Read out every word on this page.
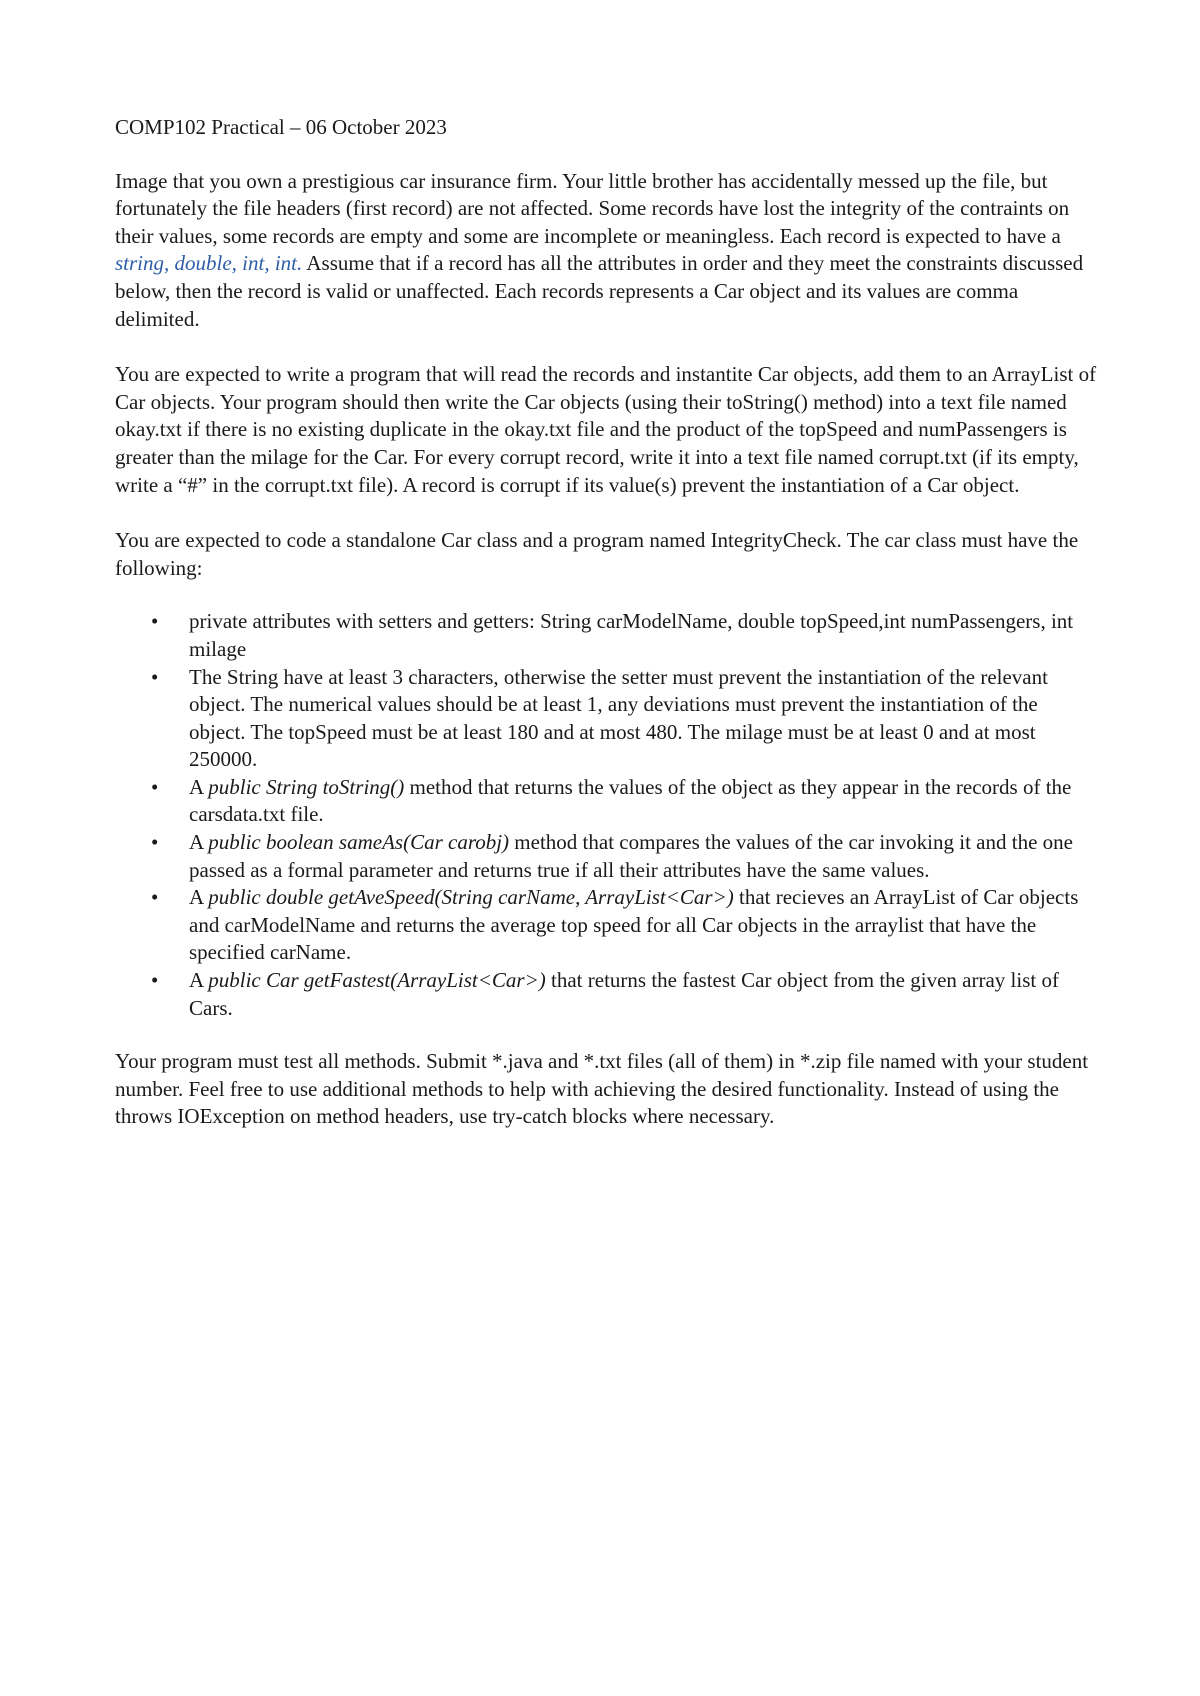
COMP102 Practical – 06 October 2023

Image that you own a prestigious car insurance firm. Your little brother has accidentally messed up the file, but fortunately the file headers (first record) are not affected. Some records have lost the integrity of the contraints on their values, some records are empty and some are incomplete or meaningless. Each record is expected to have a string, double, int, int. Assume that if a record has all the attributes in order and they meet the constraints discussed below, then the record is valid or unaffected. Each records represents a Car object and its values are comma delimited.

You are expected to write a program that will read the records and instantite Car objects, add them to an ArrayList of Car objects. Your program should then write the Car objects (using their toString() method) into a text file named okay.txt if there is no existing duplicate in the okay.txt file and the product of the topSpeed and numPassengers is greater than the milage for the Car. For every corrupt record, write it into a text file named corrupt.txt (if its empty, write a “#” in the corrupt.txt file). A record is corrupt if its value(s) prevent the instantiation of a Car object.

You are expected to code a standalone Car class and a program named IntegrityCheck. The car class must have the following:

• private attributes with setters and getters: String carModelName, double topSpeed,int numPassengers, int milage
• The String have at least 3 characters, otherwise the setter must prevent the instantiation of the relevant object. The numerical values should be at least 1, any deviations must prevent the instantiation of the object. The topSpeed must be at least 180 and at most 480. The milage must be at least 0 and at most 250000.
• A public String toString() method that returns the values of the object as they appear in the records of the carsdata.txt file.
• A public boolean sameAs(Car carobj) method that compares the values of the car invoking it and the one passed as a formal parameter and returns true if all their attributes have the same values.
• A public double getAveSpeed(String carName, ArrayList<Car>) that recieves an ArrayList of Car objects and carModelName and returns the average top speed for all Car objects in the arraylist that have the specified carName.
• A public Car getFastest(ArrayList<Car>) that returns the fastest Car object from the given array list of Cars.

Your program must test all methods. Submit *.java and *.txt files (all of them) in *.zip file named with your student number. Feel free to use additional methods to help with achieving the desired functionality. Instead of using the throws IOException on method headers, use try-catch blocks where necessary.
